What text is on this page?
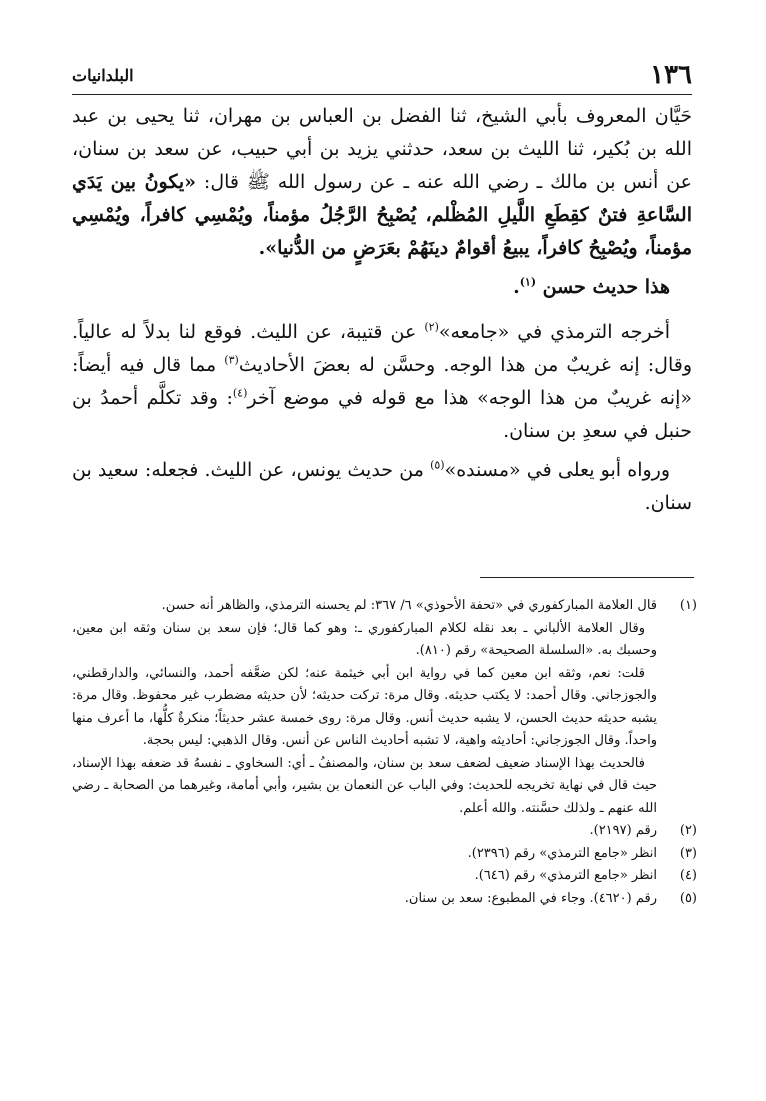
١٣٦
البلدانيات

حَيَّان المعروف بأبي الشيخ، ثنا الفضل بن العباس بن مهران، ثنا يحيى بن عبد الله بن بُكير، ثنا الليث بن سعد، حدثني يزيد بن أبي حبيب، عن سعد بن سنان، عن أنس بن مالك ـ رضي الله عنه ـ عن رسول الله ﷺ قال: «يكونُ بين يَدَي السَّاعةِ فتنٌ كقِطَعِ اللَّيلِ المُظْلم، يُصْبِحُ الرَّجُلُ مؤمناً، ويُمْسِي كافراً، ويُمْسِي مؤمناً، ويُصْبِحُ كافراً، يبيعُ أقوامٌ دينَهُمْ بعَرَضٍ من الدُّنيا».

هذا حديث حسن $^{(١)}$.

أخرجه الترمذي في «جامعه»$^{(٢)}$ عن قتيبة، عن الليث. فوقع لنا بدلاً له عالياً. وقال: إنه غريبٌ من هذا الوجه. وحسَّن له بعضَ الأحاديث$^{(٣)}$ مما قال فيه أيضاً: «إنه غريبٌ من هذا الوجه» هذا مع قوله في موضع آخر$^{(٤)}$: وقد تكلَّم أحمدُ بن حنبل في سعدِ بن سنان.

ورواه أبو يعلى في «مسنده»$^{(٥)}$ من حديث يونس، عن الليث. فجعله: سعيد بن سنان.

(١)

قال العلامة المباركفوري في «تحفة الأحوذي» ٦/ ٣٦٧: لم يحسنه الترمذي، والظاهر أنه حسن.

وقال العلامة الألباني ـ بعد نقله لكلام المباركفوري ـ: وهو كما قال؛ فإن سعد بن سنان وثقه ابن معين، وحسبك به. «السلسلة الصحيحة» رقم (٨١٠).

قلت: نعم، وثقه ابن معين كما في رواية ابن أبي خيثمة عنه؛ لكن ضعَّفه أحمد، والنسائي، والدارقطني، والجوزجاني. وقال أحمد: لا يكتب حديثه. وقال مرة: تركت حديثه؛ لأن حديثه مضطرب غير محفوظ. وقال مرة: يشبه حديثه حديث الحسن، لا يشبه حديث أنس. وقال مرة: روى خمسة عشر حديثاً؛ منكرةٌ كلُّها، ما أعرف منها واحداً. وقال الجوزجاني: أحاديثه واهية، لا تشبه أحاديث الناس عن أنس. وقال الذهبي: ليس بحجة.

فالحديث بهذا الإسناد ضعيف لضعف سعد بن سنان، والمصنفُ ـ أي: السخاوي ـ نفسهُ قد ضعفه بهذا الإسناد، حيث قال في نهاية تخريجه للحديث: وفي الباب عن النعمان بن بشير، وأبي أمامة، وغيرهما من الصحابة ـ رضي الله عنهم ـ ولذلك حسَّنته. والله أعلم.

(٢)

رقم (٢١٩٧).

(٣)

انظر «جامع الترمذي» رقم (٢٣٩٦).

(٤)

انظر «جامع الترمذي» رقم (٦٤٦).

(٥)

رقم (٤٦٢٠). وجاء في المطبوع: سعد بن سنان.
